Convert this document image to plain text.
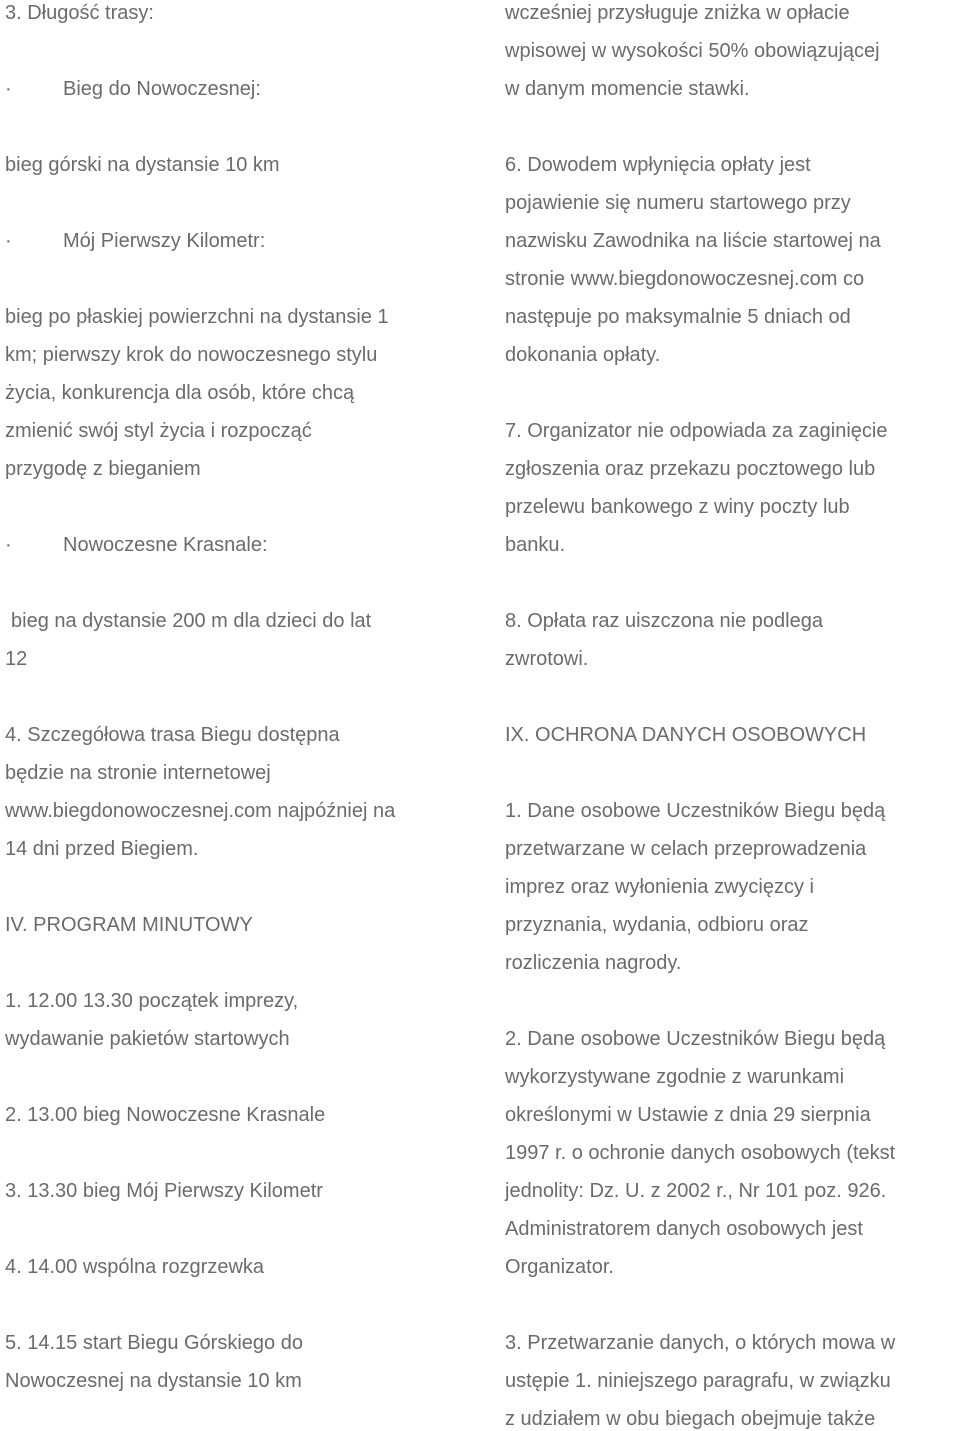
3. Długość trasy:
·	Bieg do Nowoczesnej:
bieg górski na dystansie 10 km
·	Mój Pierwszy Kilometr:
bieg po płaskiej powierzchni na dystansie 1
km; pierwszy krok do nowoczesnego stylu
życia, konkurencja dla osób, które chcą
zmienić swój styl życia i rozpocząć
przygodę z bieganiem
·	Nowoczesne Krasnale:
bieg na dystansie 200 m dla dzieci do lat
12
4. Szczegółowa trasa Biegu dostępna
będzie na stronie internetowej
www.biegdonowoczesnej.com najpóźniej na
14 dni przed Biegiem.
IV. PROGRAM MINUTOWY
1. 12.00 13.30 początek imprezy,
wydawanie pakietów startowych
2. 13.00 bieg Nowoczesne Krasnale
3. 13.30 bieg Mój Pierwszy Kilometr
4. 14.00 wspólna rozgrzewka
5. 14.15 start Biegu Górskiego do
Nowoczesnej na dystansie 10 km
wcześniej przysługuje zniżka w opłacie
wpisowej w wysokości 50% obowiązującej
w danym momencie stawki.
6. Dowodem wpłynięcia opłaty jest
pojawienie się numeru startowego przy
nazwisku Zawodnika na liście startowej na
stronie www.biegdonowoczesnej.com co
następuje po maksymalnie 5 dniach od
dokonania opłaty.
7. Organizator nie odpowiada za zaginięcie
zgłoszenia oraz przekazu pocztowego lub
przelewu bankowego z winy poczty lub
banku.
8. Opłata raz uiszczona nie podlega
zwrotowi.
IX. OCHRONA DANYCH OSOBOWYCH
1. Dane osobowe Uczestników Biegu będą
przetwarzane w celach przeprowadzenia
imprez oraz wyłonienia zwycięzcy i
przyznania, wydania, odbioru oraz
rozliczenia nagrody.
2. Dane osobowe Uczestników Biegu będą
wykorzystywane zgodnie z warunkami
określonymi w Ustawie z dnia 29 sierpnia
1997 r. o ochronie danych osobowych (tekst
jednolity: Dz. U. z 2002 r., Nr 101 poz. 926.
Administratorem danych osobowych jest
Organizator.
3. Przetwarzanie danych, o których mowa w
ustępie 1. niniejszego paragrafu, w związku
z udziałem w obu biegach obejmuje także
